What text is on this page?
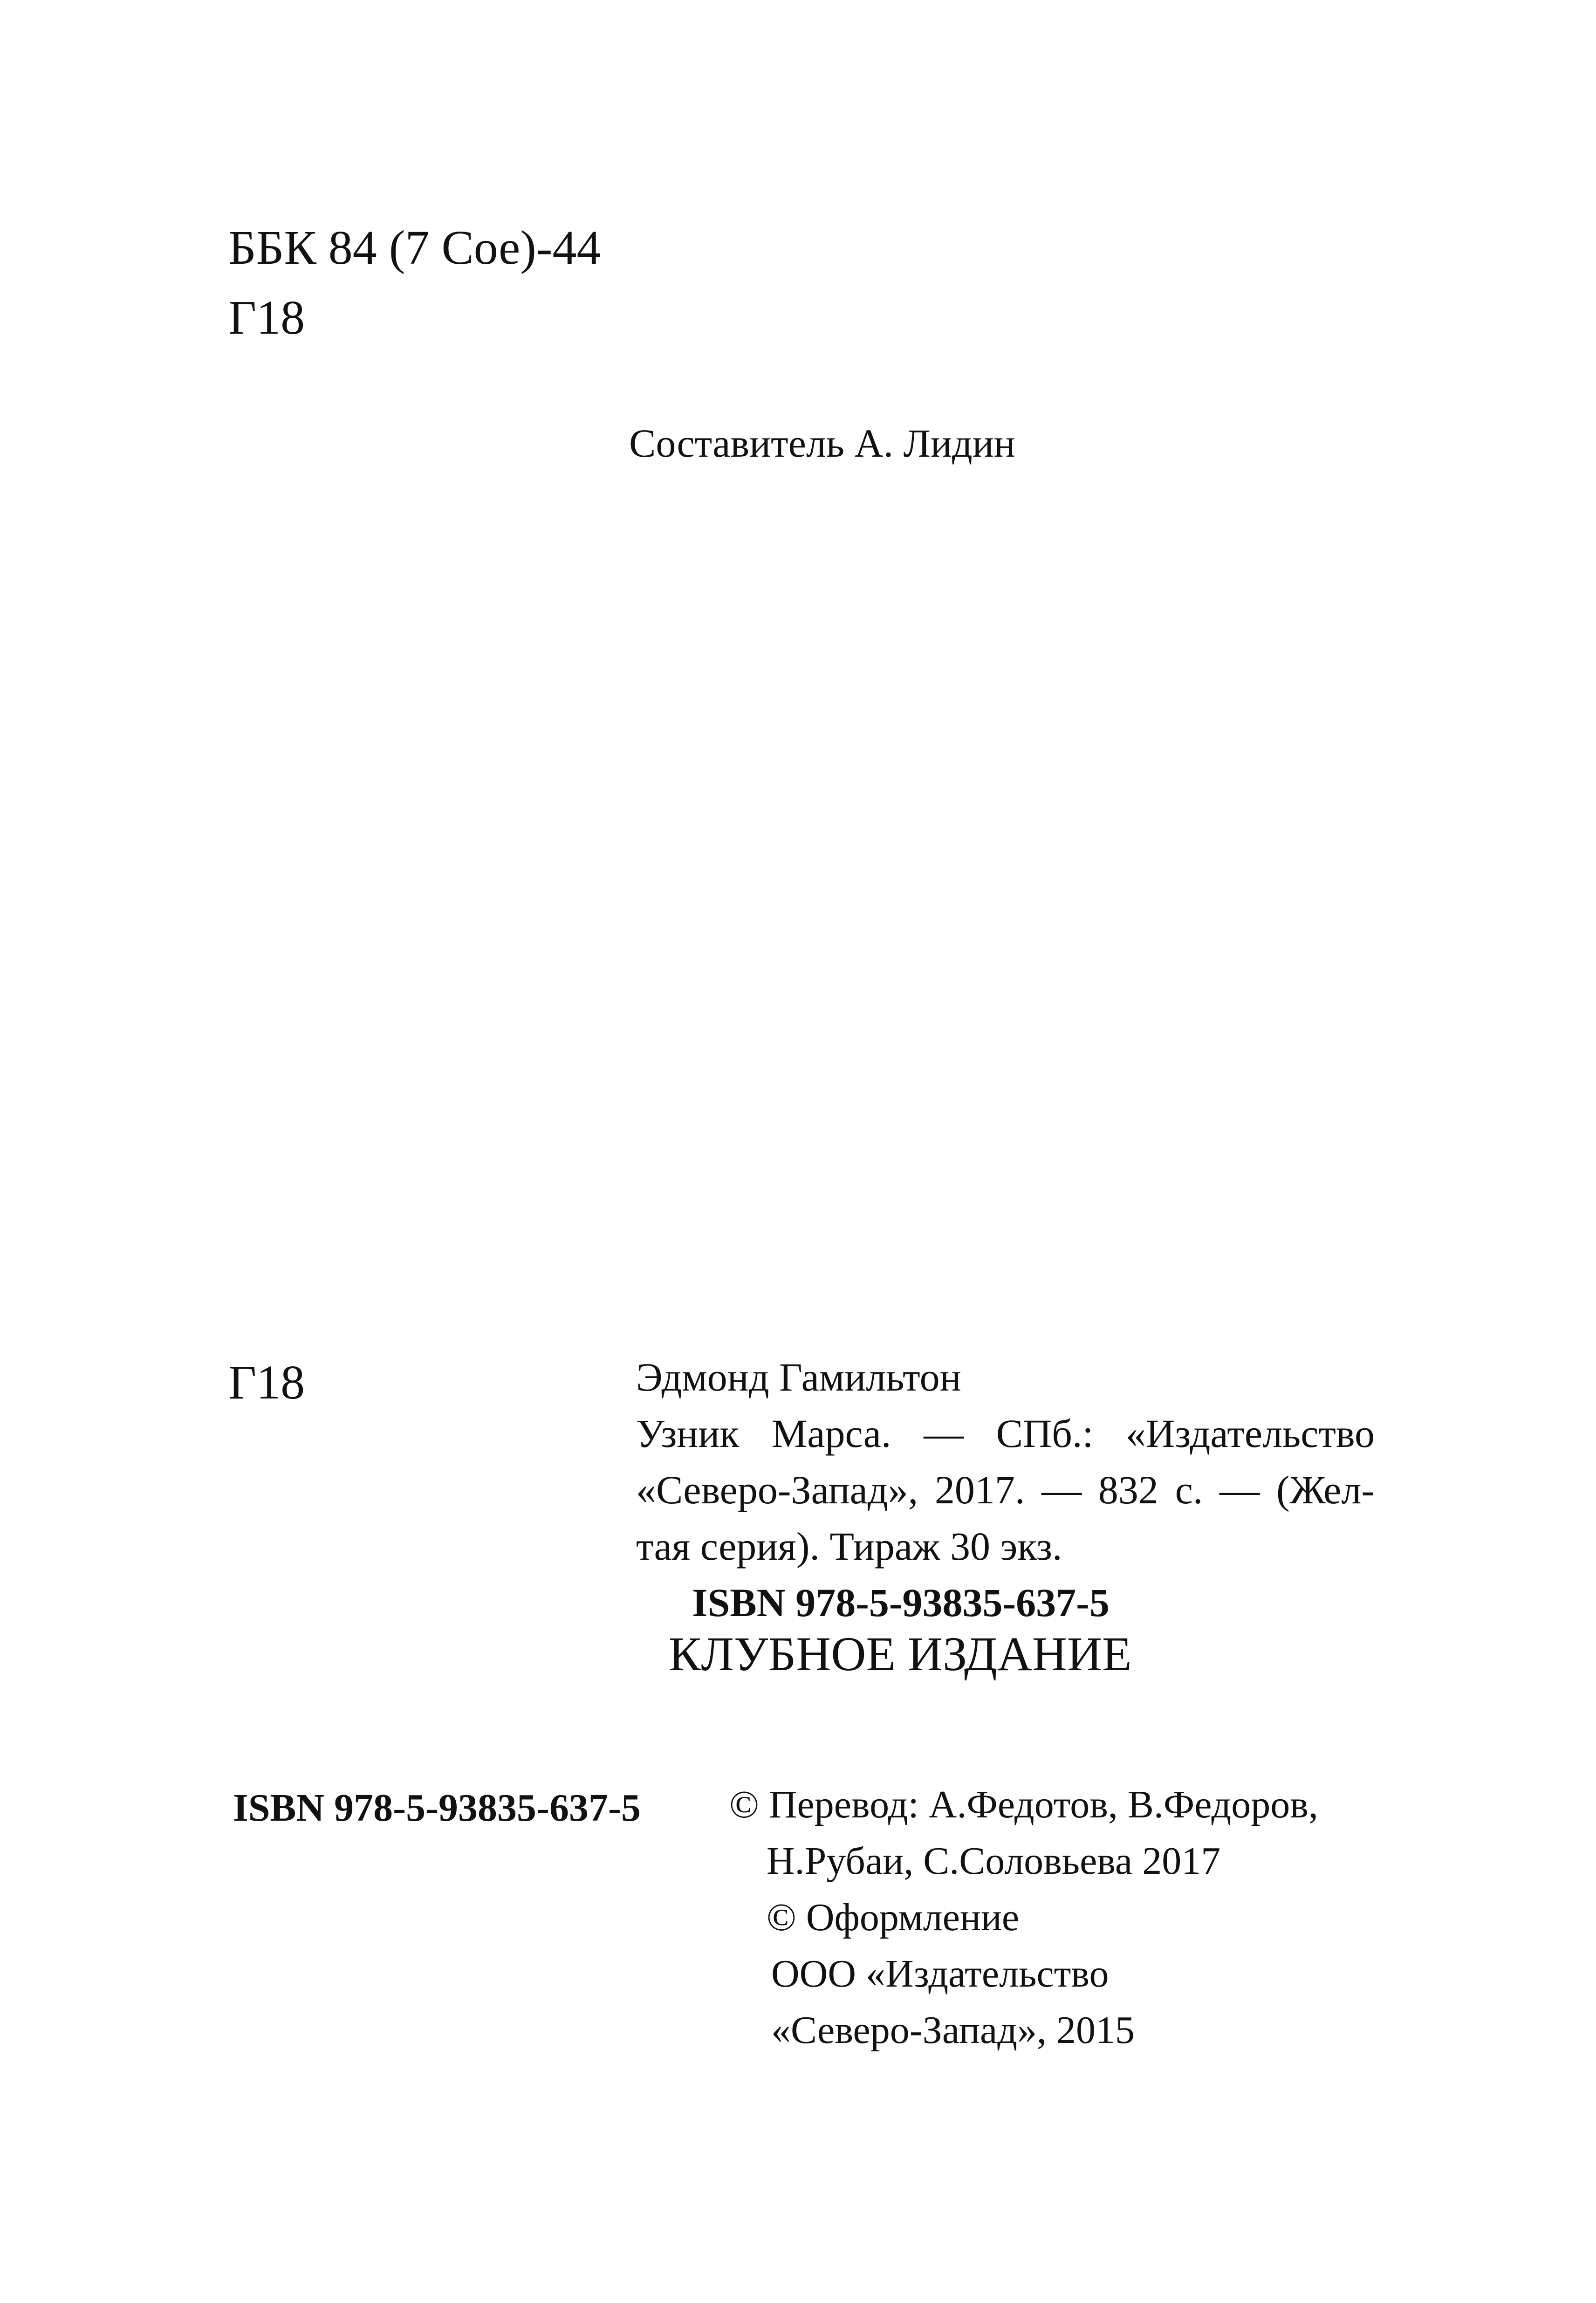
ББК 84 (7 Сое)-44
Г18
Составитель А. Лидин
Г18	Эдмонд Гамильтон
Узник Марса. — СПб.: «Издательство
«Северо-Запад», 2017. — 832 с. — (Жел-
тая серия). Тираж 30 экз.
ISBN 978-5-93835-637-5
КЛУБНОЕ ИЗДАНИЕ
ISBN 978-5-93835-637-5 © Перевод: А.Федотов, В.Федоров,
Н.Рубаи, С.Соловьева 2017
© Оформление
ООО «Издательство
«Северо-Запад», 2015
